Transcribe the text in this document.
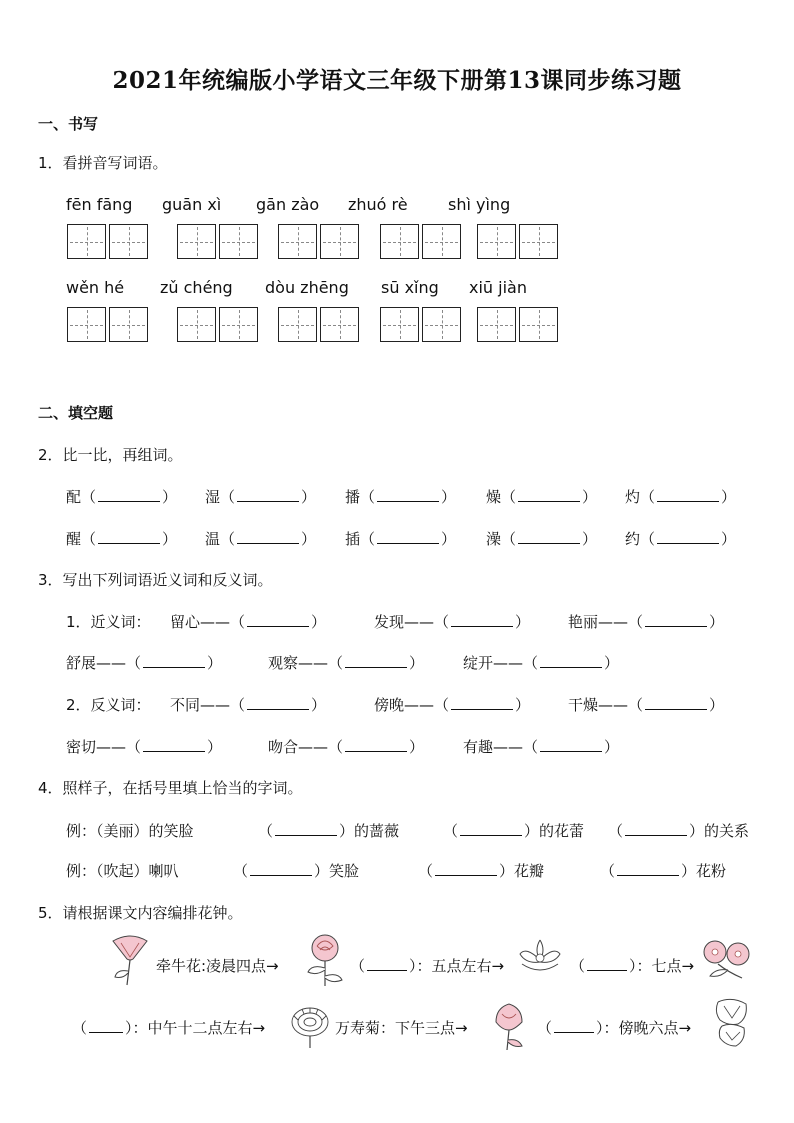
2021年统编版小学语文三年级下册第13课同步练习题
一、书写
1．看拼音写词语。
fēn fāng guān xì gān zào zhuó rè	shì yìng
wěn hé zǔ chéng dòu zhēng sū xǐng xiū jiàn
二、填空题
2．比一比，再组词。
配（	） 湿（	） 播（	） 燥（	） 灼（	）
醒（	） 温（	） 插（	） 澡（	） 约（	）
3．写出下列词语近义词和反义词。
1．近义词： 留心——（	）	发现——（	）	艳丽——（	）
舒展——（	）	观察——（	）	绽开——（	）
2．反义词： 不同——（	）	傍晚——（	）	干燥——（	）
密切——（	）	吻合——（	）	有趣——（	）
4．照样子，在括号里填上恰当的字词。
例：（美丽）的笑脸	（	）的蔷薇	（	）的花蕾 （	）的关系
例：（吹起）喇叭	（	）笑脸	（	）花瓣	（	）花粉
5．请根据课文内容编排花钟。
牵牛花:凌晨四点→	（	）：五点左右→	（	）：七点→
（	）：中午十二点左右→	万寿菊：下午三点→	（	）：傍晚六点→
